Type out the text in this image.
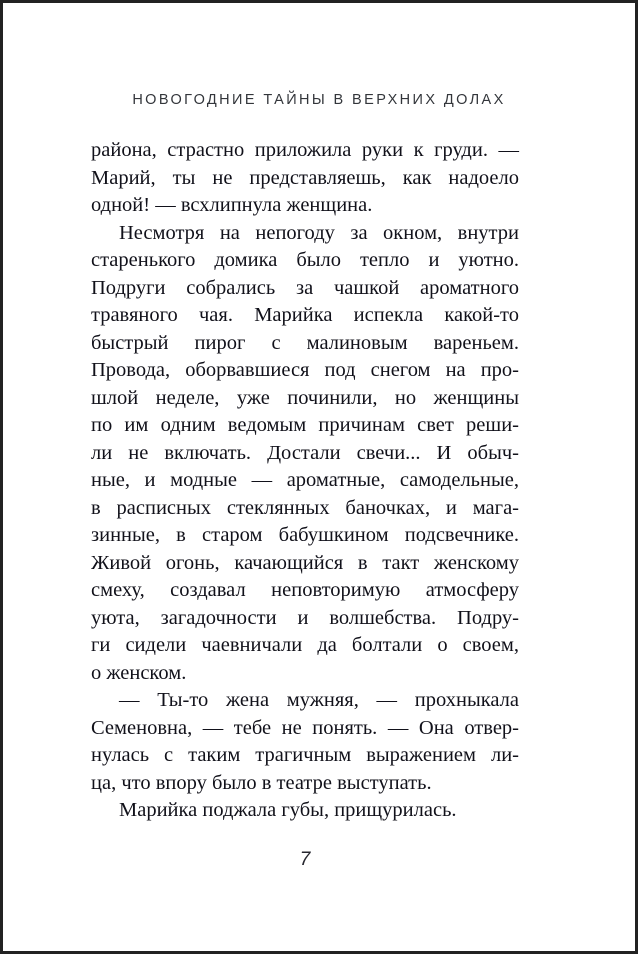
НОВОГОДНИЕ ТАЙНЫ В ВЕРХНИХ ДОЛАХ
района, страстно приложила руки к груди. —
Марий, ты не представляешь, как надоело
одной! — всхлипнула женщина.
Несмотря на непогоду за окном, внутри
старенького домика было тепло и уютно.
Подруги собрались за чашкой ароматного
травяного чая. Марийка испекла какой-то
быстрый пирог с малиновым вареньем.
Провода, оборвавшиеся под снегом на про-
шлой неделе, уже починили, но женщины
по им одним ведомым причинам свет реши-
ли не включать. Достали свечи... И обыч-
ные, и модные — ароматные, самодельные,
в расписных стеклянных баночках, и мага-
зинные, в старом бабушкином подсвечнике.
Живой огонь, качающийся в такт женскому
смеху, создавал неповторимую атмосферу
уюта, загадочности и волшебства. Подру-
ги сидели чаевничали да болтали о своем,
о женском.
— Ты-то жена мужняя, — прохныкала
Семеновна, — тебе не понять. — Она отвер-
нулась с таким трагичным выражением ли-
ца, что впору было в театре выступать.
Марийка поджала губы, прищурилась.
7
